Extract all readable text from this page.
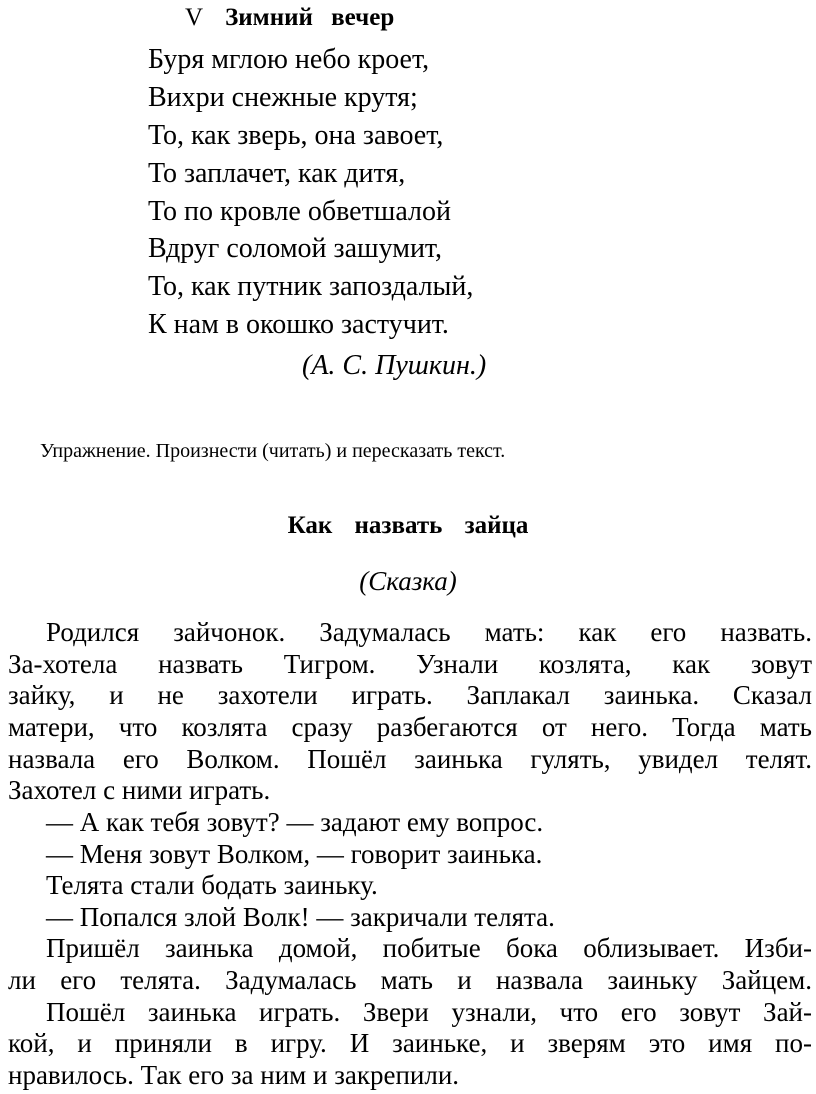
V Зимний вечер

Буря мглою небо кроет,

Вихри снежные крутя;

То, как зверь, она завоет,

То заплачет, как дитя,

То по кровле обветшалой

Вдруг соломой зашумит,

То, как путник запоздалый,

К нам в окошко застучит.

(А. С. Пушкин.)

Упражнение. Произнести (читать) и пересказать текст.

Как назвать зайца

(Сказка)

Родился зайчонок. Задумалась мать: как его назвать.

За-хотела назвать Тигром. Узнали козлята, как зовут

зайку, и не захотели играть. Заплакал заинька. Сказал

матери, что козлята сразу разбегаются от него. Тогда мать

назвала его Волком. Пошёл заинька гулять, увидел телят.

Захотел с ними играть.

— А как тебя зовут? — задают ему вопрос.

— Меня зовут Волком, — говорит заинька.

Телята стали бодать заиньку.

— Попался злой Волк! — закричали телята.

Пришёл заинька домой, побитые бока облизывает. Изби-

ли его телята. Задумалась мать и назвала заиньку Зайцем.

Пошёл заинька играть. Звери узнали, что его зовут Зай-

кой, и приняли в игру. И заиньке, и зверям это имя по-

нравилось. Так его за ним и закрепили.
